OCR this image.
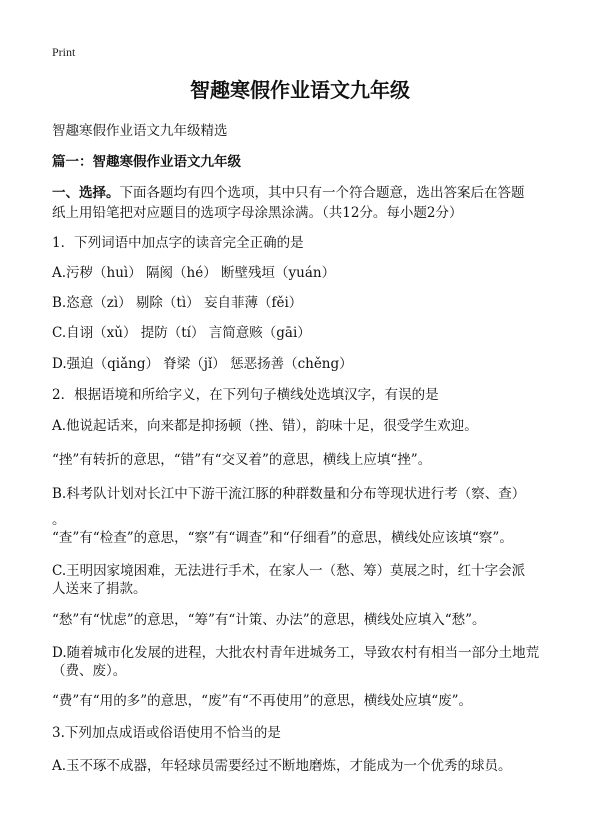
Print
智趣寒假作业语文九年级

智趣寒假作业语文九年级精选

篇一：智趣寒假作业语文九年级

一、选择。下面各题均有四个选项，其中只有一个符合题意，选出答案后在答题

纸上用铅笔把对应题目的选项字母涂黑涂满。（共12分。每小题2分）

1．下列词语中加点字的读音完全正确的是

A.污秽（huì） 隔阂（hé） 断壁残垣（yuán）

B.恣意（zì） 剔除（tì） 妄自菲薄（fěi）

C.自诩（xǔ） 提防（tí） 言简意赅（gāi）

D.强迫（qiǎng） 脊梁（jǐ） 惩恶扬善（chěng）

2．根据语境和所给字义，在下列句子横线处选填汉字，有误的是

A.他说起话来，向来都是抑扬顿（挫、错），韵味十足，很受学生欢迎。

“挫”有转折的意思，“错”有“交叉着”的意思，横线上应填“挫”。

B.科考队计划对长江中下游干流江豚的种群数量和分布等现状进行考（察、查）

。

“查”有“检查”的意思，“察”有“调查”和“仔细看”的意思，横线处应该填“察”。

C.王明因家境困难，无法进行手术，在家人一（愁、筹）莫展之时，红十字会派

人送来了捐款。

“愁”有“忧虑”的意思，“筹”有“计策、办法”的意思，横线处应填入“愁”。

D.随着城市化发展的进程，大批农村青年进城务工，导致农村有相当一部分土地荒

（费、废）。

“费”有“用的多”的意思，“废”有“不再使用”的意思，横线处应填“废”。

3.下列加点成语或俗语使用不恰当的是

A.玉不琢不成器，年轻球员需要经过不断地磨炼，才能成为一个优秀的球员。
